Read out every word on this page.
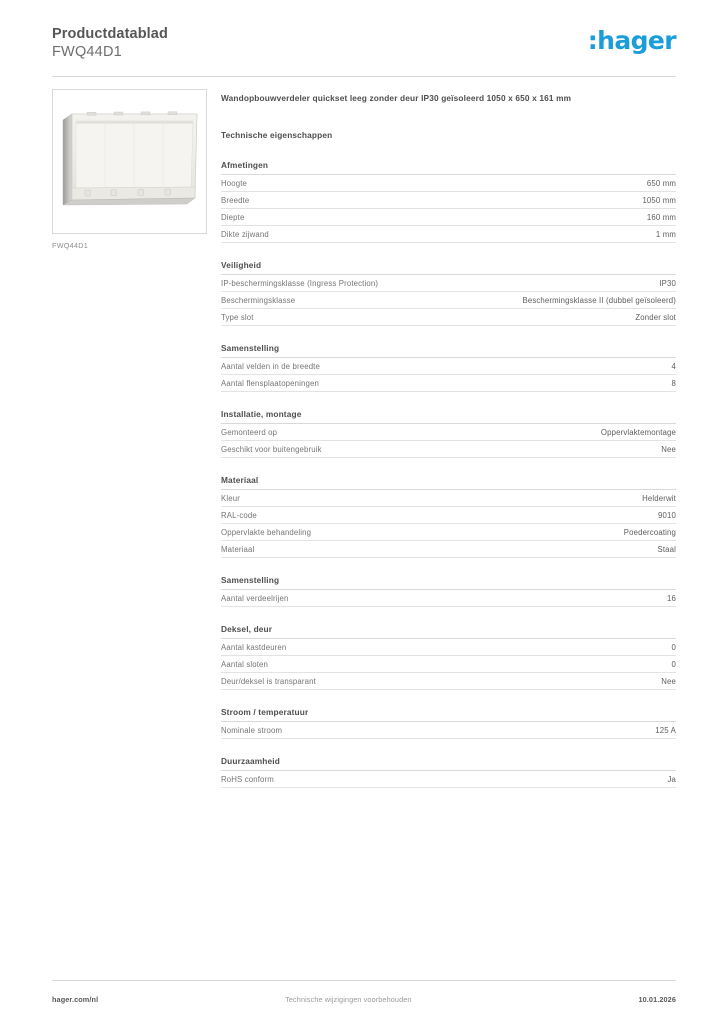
Productdatablad
FWQ44D1	:hager
FWQ44D1
Wandopbouwverdeler quickset leeg zonder deur IP30 geïsoleerd 1050 x 650 x 161 mm
Technische eigenschappen
Afmetingen
Hoogte	650 mm
Breedte	1050 mm
Diepte	160 mm
Dikte zijwand	1 mm
Veiligheid
IP-beschermingsklasse (Ingress Protection)	IP30
Beschermingsklasse	Beschermingsklasse II (dubbel geïsoleerd)
Type slot	Zonder slot
Samenstelling
Aantal velden in de breedte	4
Aantal flensplaatopeningen	8
Installatie, montage
Gemonteerd op	Oppervlaktemontage
Geschikt voor buitengebruik	Nee
Materiaal
Kleur	Helderwit
RAL-code	9010
Oppervlakte behandeling	Poedercoating
Materiaal	Staal
Samenstelling
Aantal verdeelrijen	16
Deksel, deur
Aantal kastdeuren	0
Aantal sloten	0
Deur/deksel is transparant	Nee
Stroom / temperatuur
Nominale stroom	125 A
Duurzaamheid
RoHS conform	Ja
hager.com/nl	Technische wijzigingen voorbehouden	10.01.2026
